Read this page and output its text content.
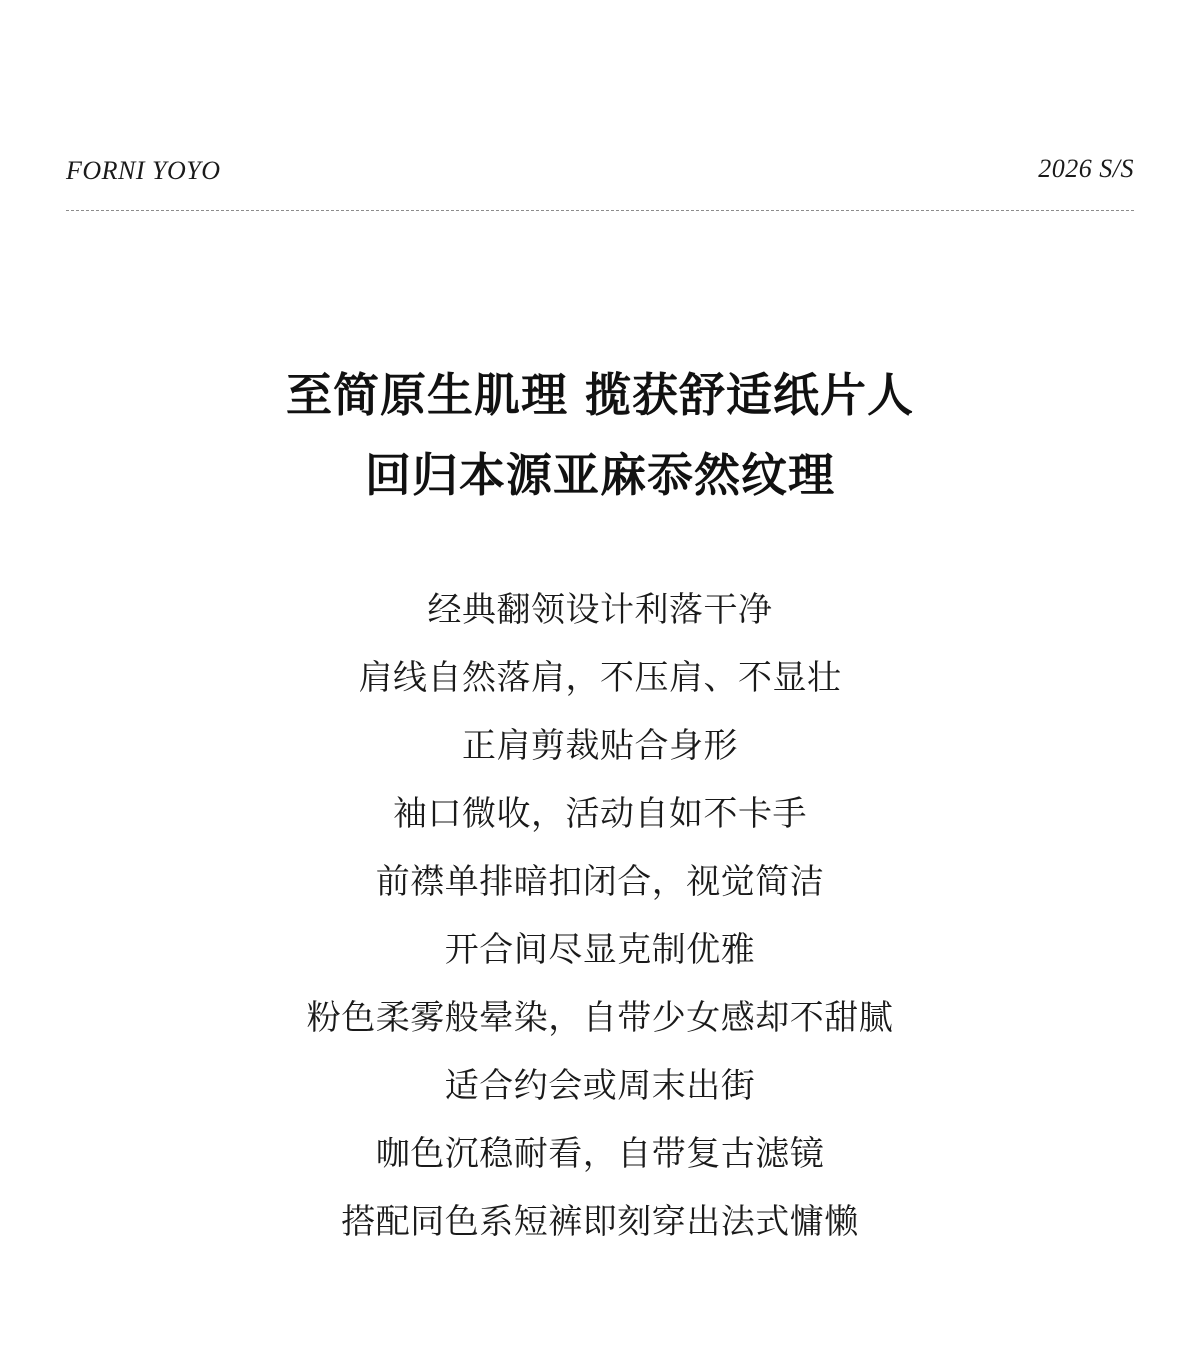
FORNI YOYO	2026 S/S
至简原生肌理 揽获舒适纸片人
回归本源亚麻忝然纹理
经典翻领设计利落干净
肩线自然落肩，不压肩、不显壮
正肩剪裁贴合身形
袖口微收，活动自如不卡手
前襟单排暗扣闭合，视觉简洁
开合间尽显克制优雅
粉色柔雾般晕染，自带少女感却不甜腻
适合约会或周末出街
咖色沉稳耐看，自带复古滤镜
搭配同色系短裤即刻穿出法式慵懒
